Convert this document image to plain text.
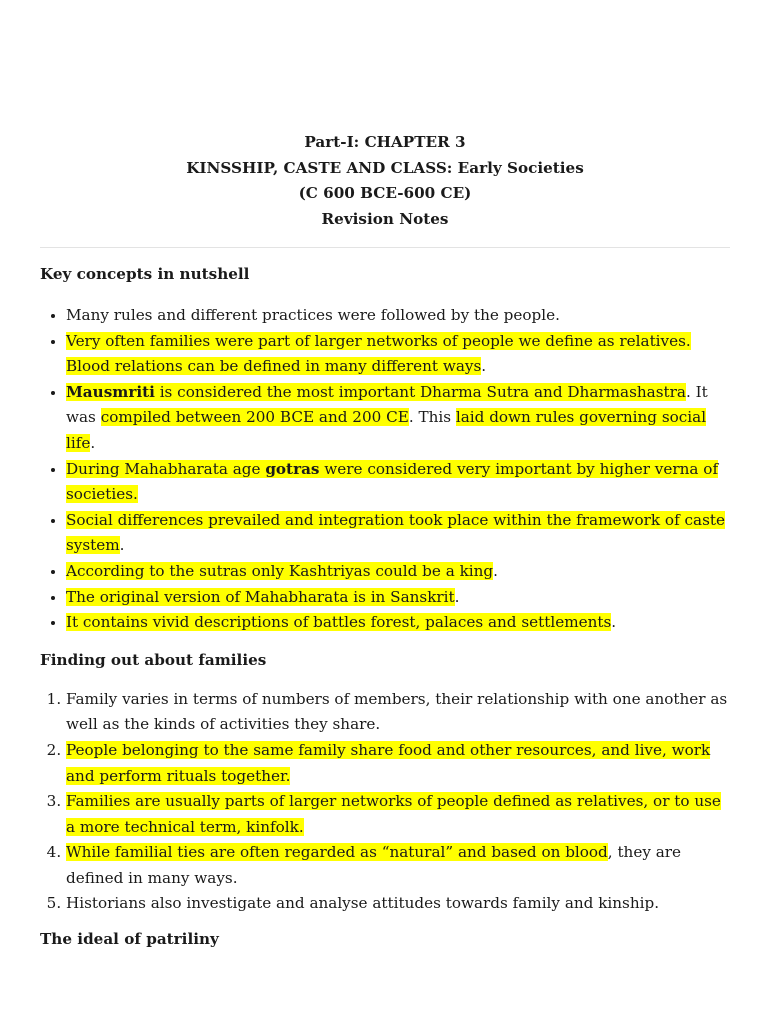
Part-I: CHAPTER 3
KINSSHIP, CASTE AND CLASS: Early Societies
(C 600 BCE-600 CE)
Revision Notes

Key concepts in nutshell

• Many rules and different practices were followed by the people.
• Very often families were part of larger networks of people we define as relatives. Blood relations can be defined in many different ways.
• Mausmriti is considered the most important Dharma Sutra and Dharmashastra. It was compiled between 200 BCE and 200 CE. This laid down rules governing social life.
• During Mahabharata age gotras were considered very important by higher verna of societies.
• Social differences prevailed and integration took place within the framework of caste system.
• According to the sutras only Kashtriyas could be a king.
• The original version of Mahabharata is in Sanskrit.
• It contains vivid descriptions of battles forest, palaces and settlements.

Finding out about families

1. Family varies in terms of numbers of members, their relationship with one another as well as the kinds of activities they share.
2. People belonging to the same family share food and other resources, and live, work and perform rituals together.
3. Families are usually parts of larger networks of people defined as relatives, or to use a more technical term, kinfolk.
4. While familial ties are often regarded as “natural” and based on blood, they are defined in many ways.
5. Historians also investigate and analyse attitudes towards family and kinship.

The ideal of patriliny
